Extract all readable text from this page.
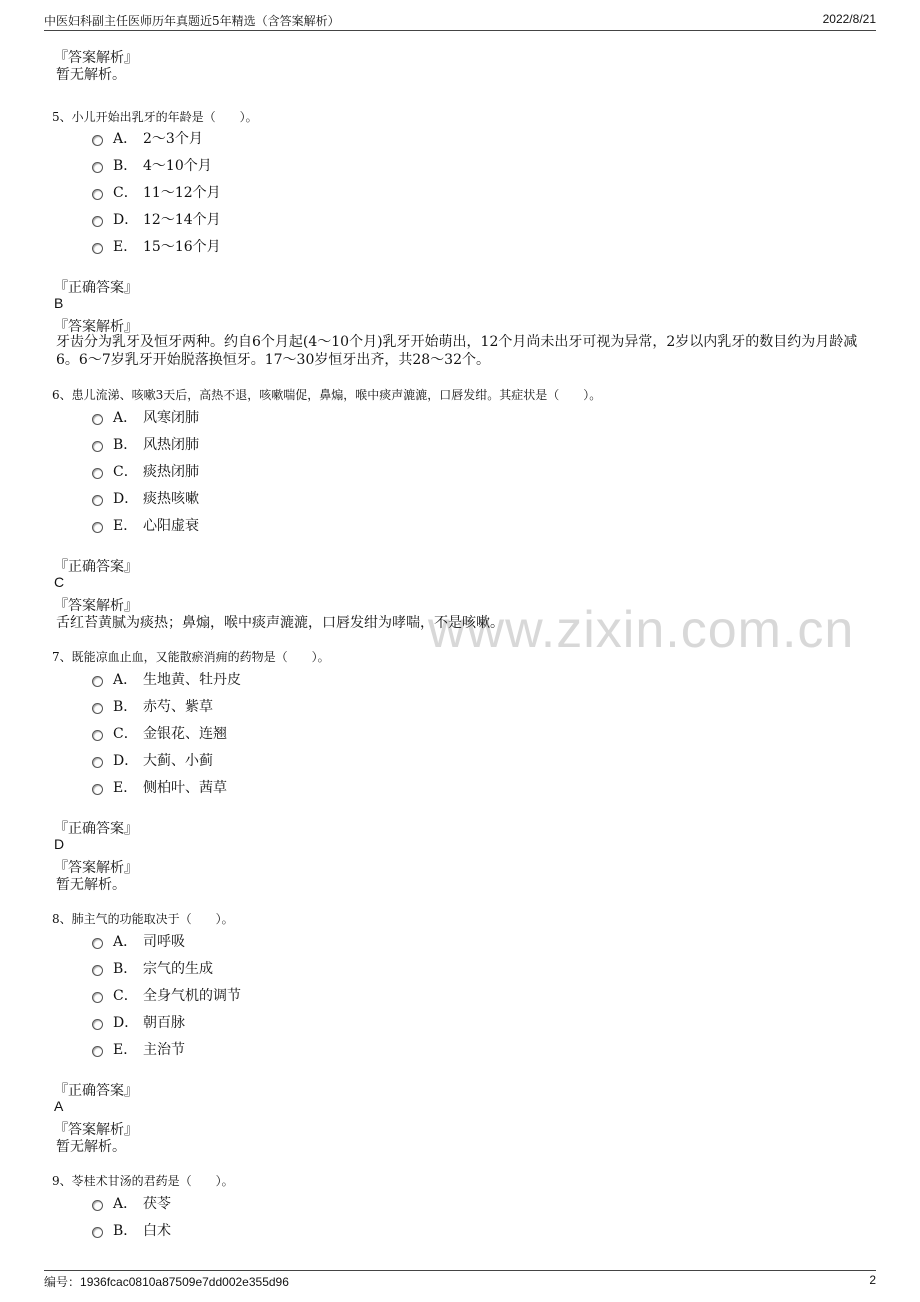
中医妇科副主任医师历年真题近5年精选（含答案解析）	2022/8/21
www.zixin.com.cn
『答案解析』
暂无解析。
5、小儿开始出乳牙的年龄是（　　）。
A． 2～3个月
B． 4～10个月
C． 11～12个月
D． 12～14个月
E． 15～16个月
『正确答案』
B
『答案解析』
牙齿分为乳牙及恒牙两种。约自6个月起(4～10个月)乳牙开始萌出，12个月尚未出牙可视为异常，2岁以内乳牙的数目约为月龄减6。6～7岁乳牙开始脱落换恒牙。17～30岁恒牙出齐，共28～32个。
6、患儿流涕、咳嗽3天后，高热不退，咳嗽喘促，鼻煽，喉中痰声漉漉，口唇发绀。其症状是（　　）。
A． 风寒闭肺
B． 风热闭肺
C． 痰热闭肺
D． 痰热咳嗽
E． 心阳虚衰
『正确答案』
C
『答案解析』
舌红苔黄腻为痰热；鼻煽，喉中痰声漉漉，口唇发绀为哮喘，不是咳嗽。
7、既能凉血止血，又能散瘀消痈的药物是（　　）。
A． 生地黄、牡丹皮
B． 赤芍、紫草
C． 金银花、连翘
D． 大蓟、小蓟
E． 侧柏叶、茜草
『正确答案』
D
『答案解析』
暂无解析。
8、肺主气的功能取决于（　　）。
A． 司呼吸
B． 宗气的生成
C． 全身气机的调节
D． 朝百脉
E． 主治节
『正确答案』
A
『答案解析』
暂无解析。
9、苓桂术甘汤的君药是（　　）。
A． 茯苓
B． 白术
编号：1936fcac0810a87509e7dd002e355d96	2
